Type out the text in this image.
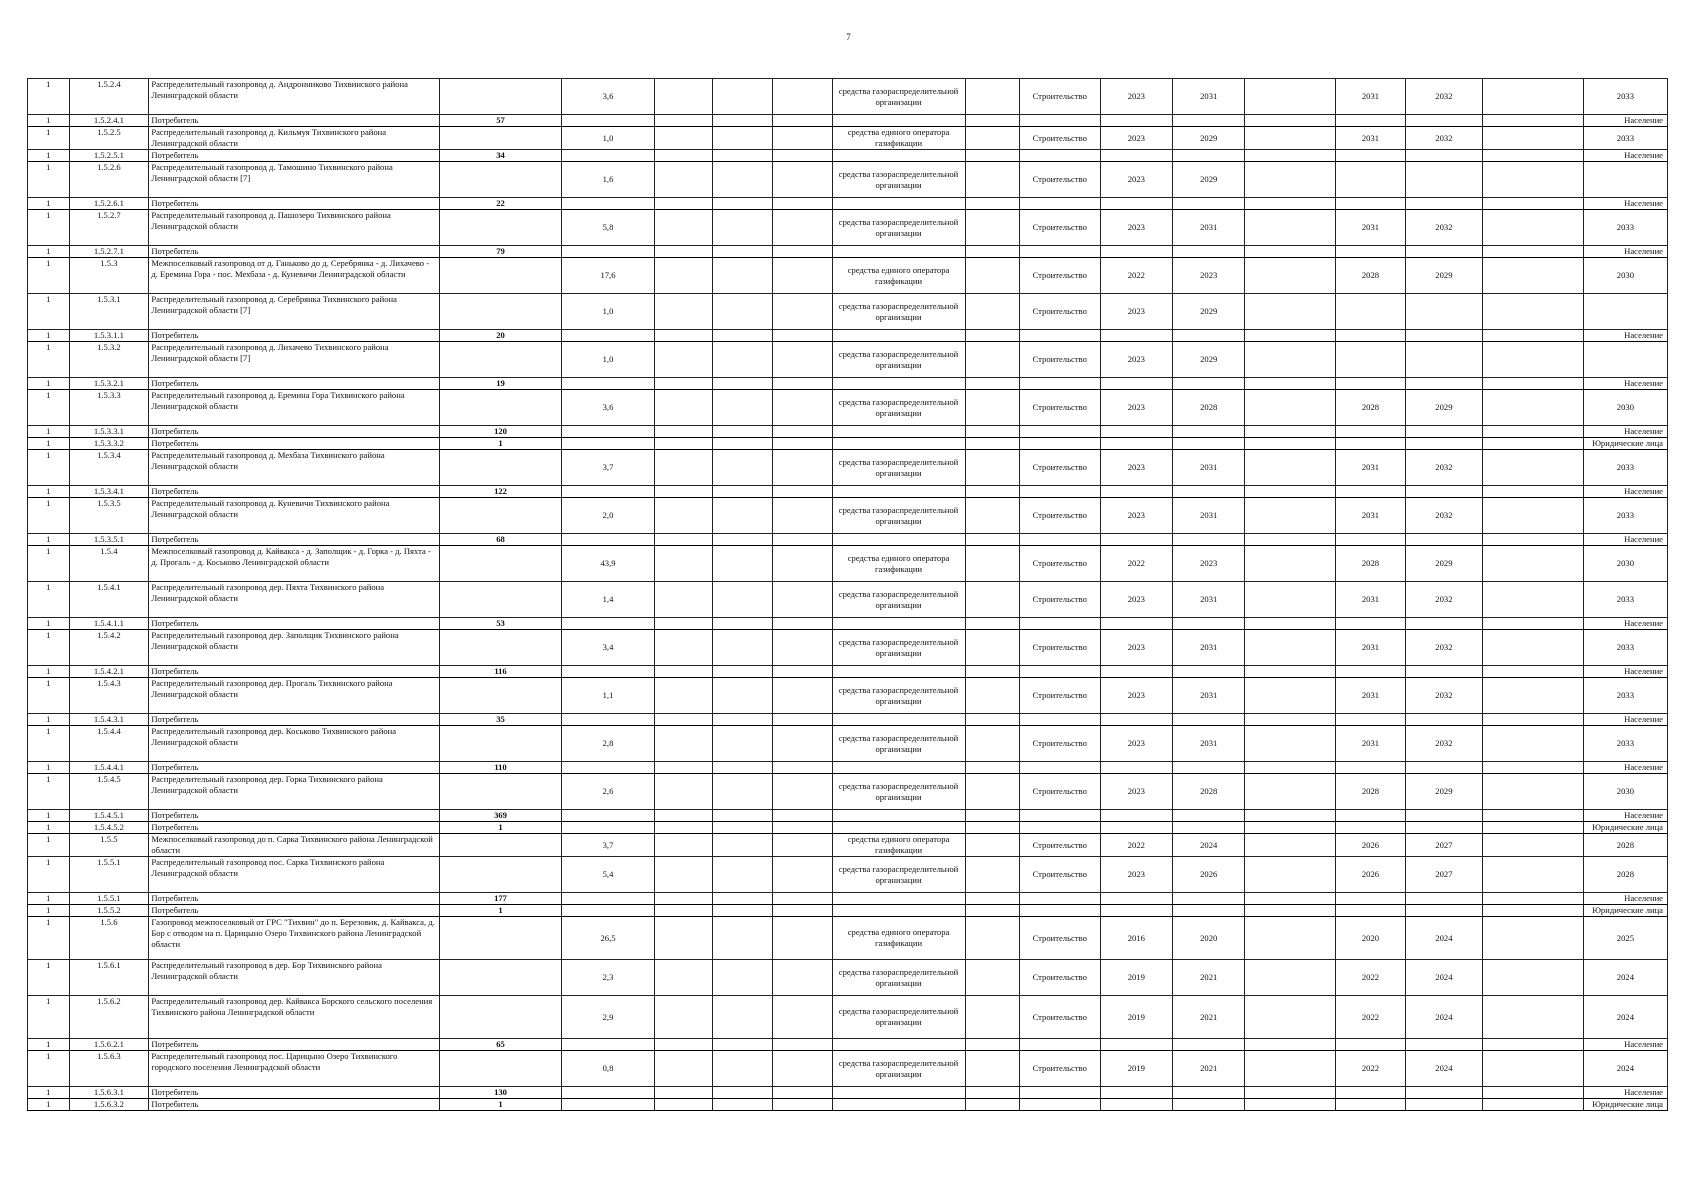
7
1	1.5.2.4	Распределительный газопровод д. Андронниково Тихвинского района Ленинградской области		3,6				средства газораспределительной организации		Строительство	2023	2031		2031	2032		2033
1	1.5.2.4.1	Потребитель	57														Население
1	1.5.2.5	Распределительный газопровод д. Кильмуя Тихвинского района Ленинградской области		1,0				средства единого оператора газификации		Строительство	2023	2029		2031	2032		2033
1	1.5.2.5.1	Потребитель	34														Население
1	1.5.2.6	Распределительный газопровод д. Тамошино Тихвинского района Ленинградской области [7]		1,6				средства газораспределительной организации		Строительство	2023	2029					
1	1.5.2.6.1	Потребитель	22														Население
1	1.5.2.7	Распределительный газопровод д. Пашозеро Тихвинского района Ленинградской области		5,8				средства газораспределительной организации		Строительство	2023	2031		2031	2032		2033
1	1.5.2.7.1	Потребитель	79														Население
1	1.5.3	Межпоселковый газопровод от д. Ганьково до д. Серебрянка - д. Лихачево - д. Еремина Гора - пос. Мехбаза - д. Куневичи Ленинградской области		17,6				средства единого оператора газификации		Строительство	2022	2023		2028	2029		2030
1	1.5.3.1	Распределительный газопровод д. Серебрянка Тихвинского района Ленинградской области [7]		1,0				средства газораспределительной организации		Строительство	2023	2029					
1	1.5.3.1.1	Потребитель	20														Население
1	1.5.3.2	Распределительный газопровод д. Лихачево Тихвинского района Ленинградской области [7]		1,0				средства газораспределительной организации		Строительство	2023	2029					
1	1.5.3.2.1	Потребитель	19														Население
1	1.5.3.3	Распределительный газопровод д. Еремина Гора Тихвинского района Ленинградской области		3,6				средства газораспределительной организации		Строительство	2023	2028		2028	2029		2030
1	1.5.3.3.1	Потребитель	120														Население
1	1.5.3.3.2	Потребитель	1														Юридические лица
1	1.5.3.4	Распределительный газопровод д. Мехбаза Тихвинского района Ленинградской области		3,7				средства газораспределительной организации		Строительство	2023	2031		2031	2032		2033
1	1.5.3.4.1	Потребитель	122														Население
1	1.5.3.5	Распределительный газопровод д. Куневичи Тихвинского района Ленинградской области		2,0				средства газораспределительной организации		Строительство	2023	2031		2031	2032		2033
1	1.5.3.5.1	Потребитель	68														Население
1	1.5.4	Межпоселковый газопровод д. Кайвакса - д. Заполщик - д. Горка - д. Пяхта - д. Прогаль - д. Коськово Ленинградской области		43,9				средства единого оператора газификации		Строительство	2022	2023		2028	2029		2030
1	1.5.4.1	Распределительный газопровод дер. Пяхта Тихвинского района Ленинградской области		1,4				средства газораспределительной организации		Строительство	2023	2031		2031	2032		2033
1	1.5.4.1.1	Потребитель	53														Население
1	1.5.4.2	Распределительный газопровод дер. Заполщик Тихвинского района Ленинградской области		3,4				средства газораспределительной организации		Строительство	2023	2031		2031	2032		2033
1	1.5.4.2.1	Потребитель	116														Население
1	1.5.4.3	Распределительный газопровод дер. Прогаль Тихвинского района Ленинградской области		1,1				средства газораспределительной организации		Строительство	2023	2031		2031	2032		2033
1	1.5.4.3.1	Потребитель	35														Население
1	1.5.4.4	Распределительный газопровод дер. Коськово Тихвинского района Ленинградской области		2,8				средства газораспределительной организации		Строительство	2023	2031		2031	2032		2033
1	1.5.4.4.1	Потребитель	110														Население
1	1.5.4.5	Распределительный газопровод дер. Горка Тихвинского района Ленинградской области		2,6				средства газораспределительной организации		Строительство	2023	2028		2028	2029		2030
1	1.5.4.5.1	Потребитель	369														Население
1	1.5.4.5.2	Потребитель	1														Юридические лица
1	1.5.5	Межпоселковый газопровод до п. Сарка Тихвинского района Ленинградской области		3,7				средства единого оператора газификации		Строительство	2022	2024		2026	2027		2028
1	1.5.5.1	Распределительный газопровод пос. Сарка Тихвинского района Ленинградской области		5,4				средства газораспределительной организации		Строительство	2023	2026		2026	2027		2028
1	1.5.5.1	Потребитель	177														Население
1	1.5.5.2	Потребитель	1														Юридические лица
1	1.5.6	Газопровод межпоселковый от ГРС "Тихвин" до п. Березовик, д. Кайвакса, д. Бор с отводом на п. Царицыно Озеро Тихвинского района Ленинградской области		26,5				средства единого оператора газификации		Строительство	2016	2020		2020	2024		2025
1	1.5.6.1	Распределительный газопровод в дер. Бор Тихвинского района Ленинградской области		2,3				средства газораспределительной организации		Строительство	2019	2021		2022	2024		2024
1	1.5.6.2	Распределительный газопровод дер. Кайвакса Борского сельского поселения Тихвинского района Ленинградской области		2,9				средства газораспределительной организации		Строительство	2019	2021		2022	2024		2024
1	1.5.6.2.1	Потребитель	65														Население
1	1.5.6.3	Распределительный газопровод пос. Царицыно Озеро Тихвинского городского поселения Ленинградской области		0,8				средства газораспределительной организации		Строительство	2019	2021		2022	2024		2024
1	1.5.6.3.1	Потребитель	130														Население
1	1.5.6.3.2	Потребитель	1														Юридические лица
